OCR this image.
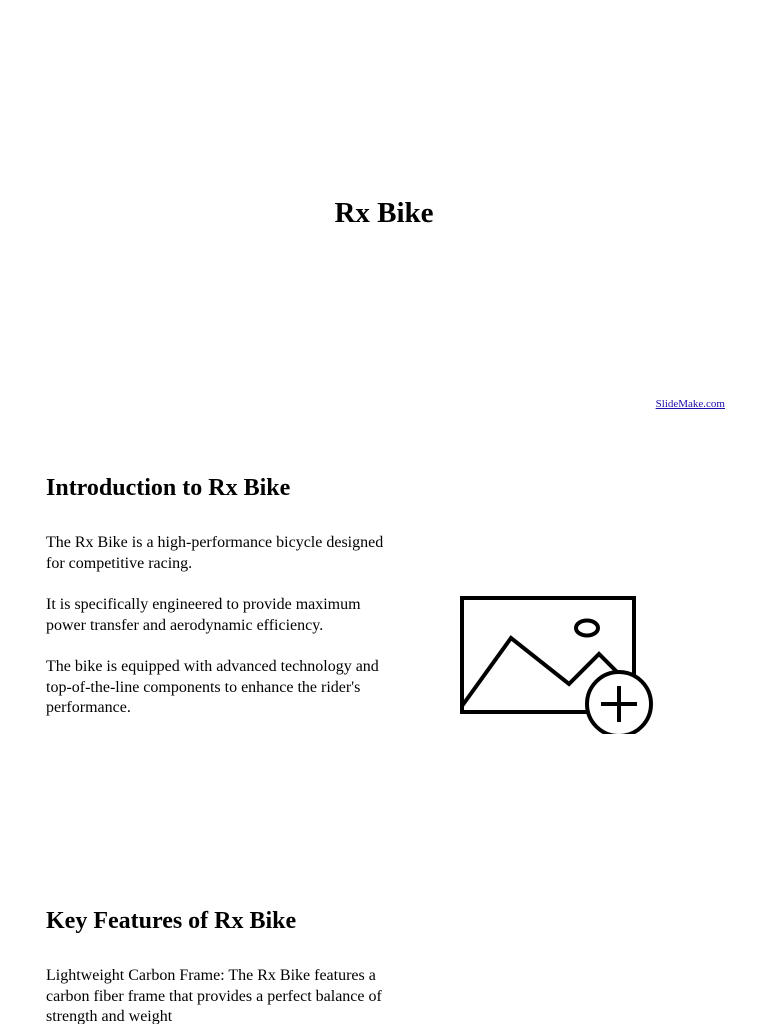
Rx Bike
SlideMake.com
Introduction to Rx Bike

The Rx Bike is a high-performance bicycle designed for competitive racing.

It is specifically engineered to provide maximum power transfer and aerodynamic efficiency.

The bike is equipped with advanced technology and top-of-the-line components to enhance the rider's performance.

Key Features of Rx Bike

Lightweight Carbon Frame: The Rx Bike features a carbon fiber frame that provides a perfect balance of strength and weight
